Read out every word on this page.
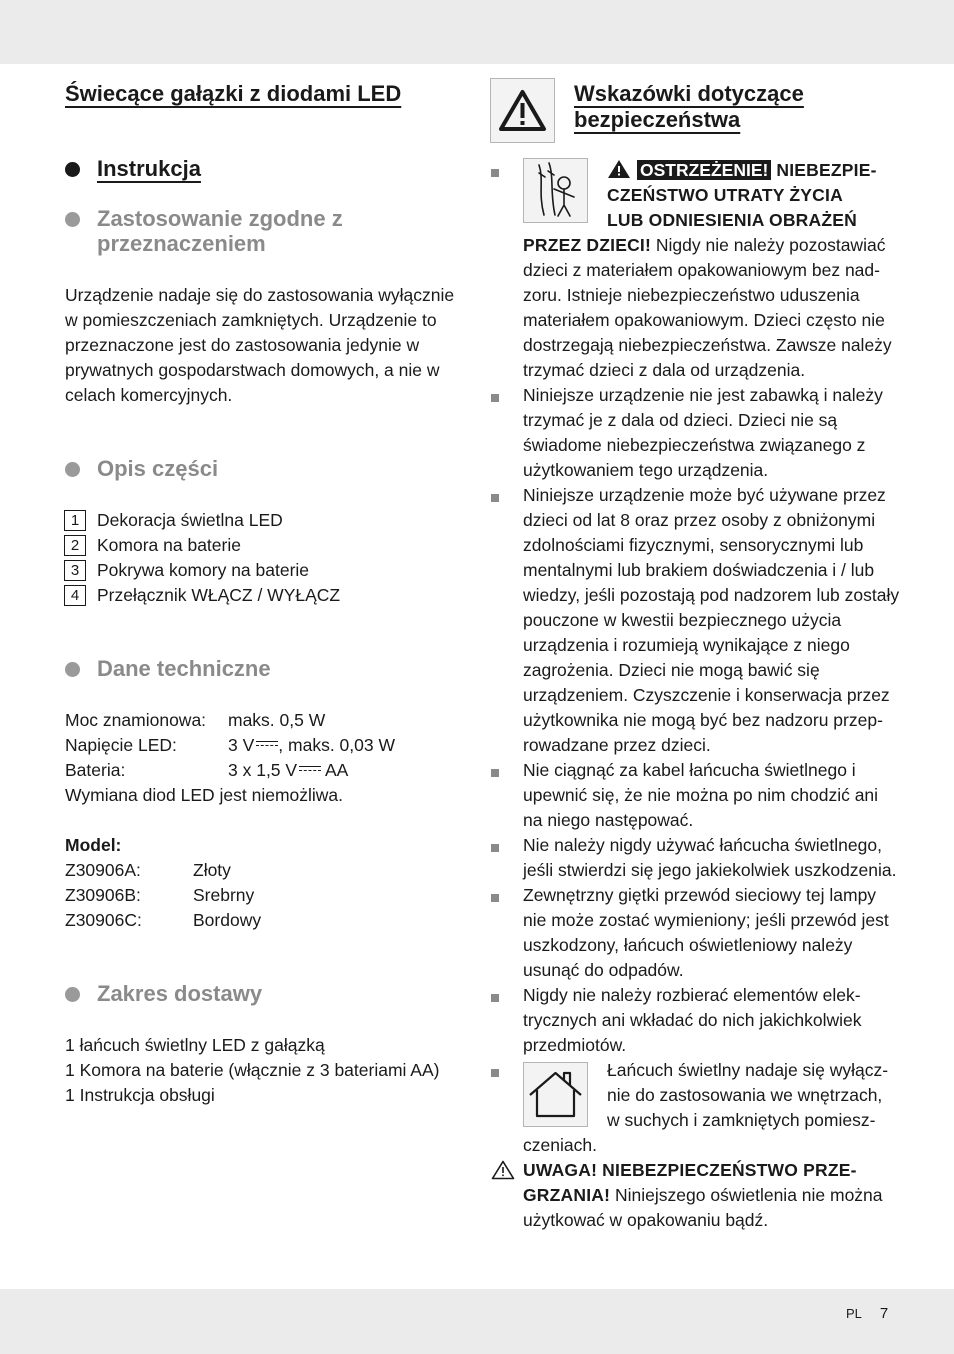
Świecące gałązki z diodami LED
Instrukcja
Zastosowanie zgodne z
przeznaczeniem
Urządzenie nadaje się do zastosowania wyłącznie
w pomieszczeniach zamkniętych. Urządzenie to
przeznaczone jest do zastosowania jedynie w
prywatnych gospodarstwach domowych, a nie w
celach komercyjnych.
Opis części
1	Dekoracja świetlna LED
2	Komora na baterie
3	Pokrywa komory na baterie
4	Przełącznik WŁĄCZ / WYŁĄCZ
Dane techniczne
Moc znamionowa: maks. 0,5 W
Napięcie LED:	3 V , maks. 0,03 W
Bateria:	3 x 1,5 V AA
Wymiana diod LED jest niemożliwa.
Model:
Z30906A:	Złoty
Z30906B:	Srebrny
Z30906C:	Bordowy
Zakres dostawy
1 łańcuch świetlny LED z gałązką
1 Komora na baterie (włącznie z 3 bateriami AA)
1 Instrukcja obsługi
Wskazówki dotyczące
bezpieczeństwa
OSTRZEŻENIE! NIEBEZPIE-
CZEŃSTWO UTRATY ŻYCIA
LUB ODNIESIENIA OBRAŻEŃ
PRZEZ DZIECI! Nigdy nie należy pozostawiać
dzieci z materiałem opakowaniowym bez nad-
zoru. Istnieje niebezpieczeństwo uduszenia
materiałem opakowaniowym. Dzieci często nie
dostrzegają niebezpieczeństwa. Zawsze należy
trzymać dzieci z dala od urządzenia.
Niniejsze urządzenie nie jest zabawką i należy
trzymać je z dala od dzieci. Dzieci nie są
świadome niebezpieczeństwa związanego z
użytkowaniem tego urządzenia.
Niniejsze urządzenie może być używane przez
dzieci od lat 8 oraz przez osoby z obniżonymi
zdolnościami fizycznymi, sensorycznymi lub
mentalnymi lub brakiem doświadczenia i / lub
wiedzy, jeśli pozostają pod nadzorem lub zostały
pouczone w kwestii bezpiecznego użycia
urządzenia i rozumieją wynikające z niego
zagrożenia. Dzieci nie mogą bawić się
urządzeniem. Czyszczenie i konserwacja przez
użytkownika nie mogą być bez nadzoru przep-
rowadzane przez dzieci.
Nie ciągnąć za kabel łańcucha świetlnego i
upewnić się, że nie można po nim chodzić ani
na niego następować.
Nie należy nigdy używać łańcucha świetlnego,
jeśli stwierdzi się jego jakiekolwiek uszkodzenia.
Zewnętrzny giętki przewód sieciowy tej lampy
nie może zostać wymieniony; jeśli przewód jest
uszkodzony, łańcuch oświetleniowy należy
usunąć do odpadów.
Nigdy nie należy rozbierać elementów elek-
trycznych ani wkładać do nich jakichkolwiek
przedmiotów.
Łańcuch świetlny nadaje się wyłącz-
nie do zastosowania we wnętrzach,
w suchych i zamkniętych pomiesz-
czeniach.
UWAGA! NIEBEZPIECZEŃSTWO PRZE-
GRZANIA! Niniejszego oświetlenia nie można
użytkować w opakowaniu bądź.
PL 7
